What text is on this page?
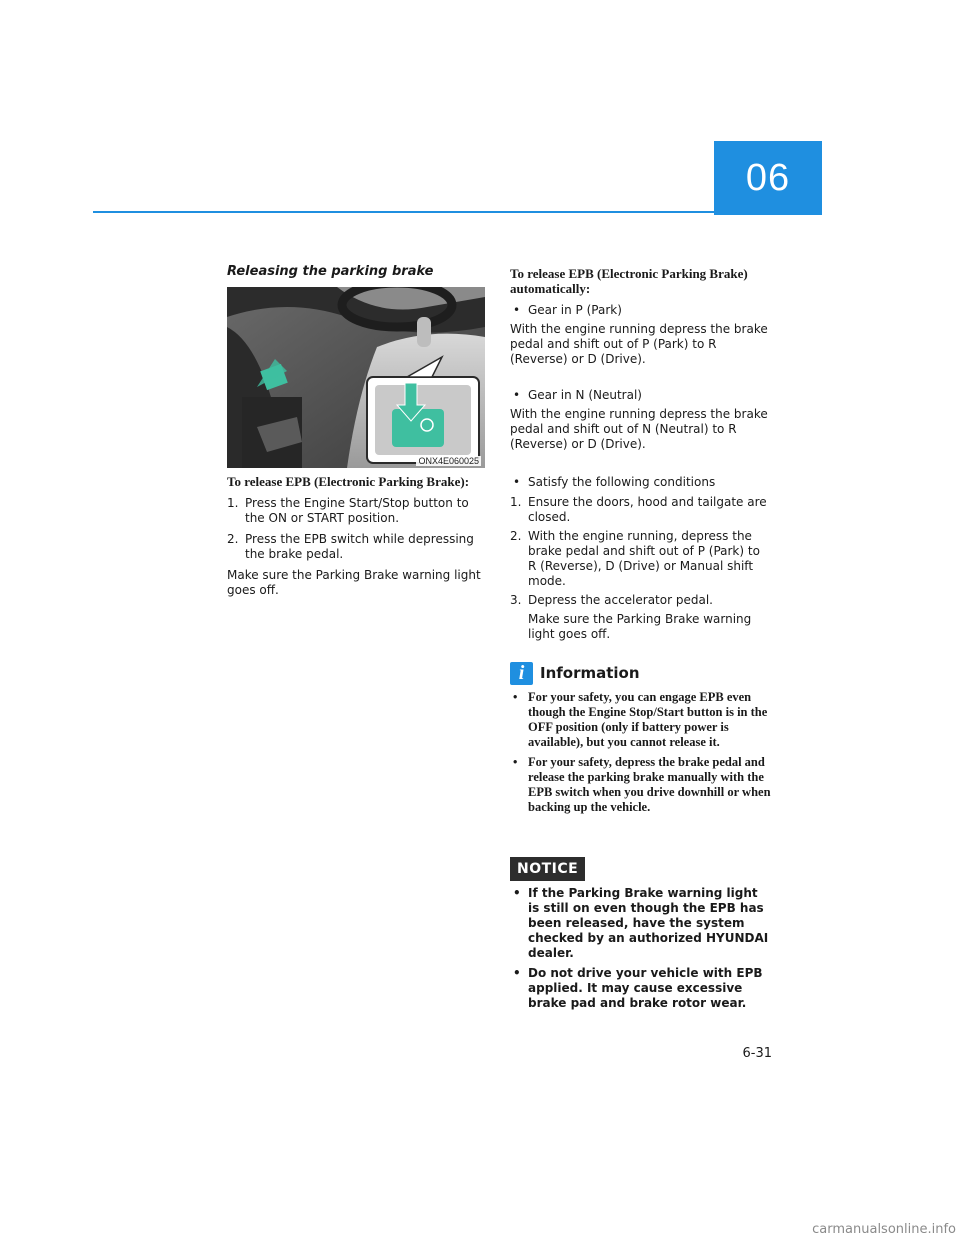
06
Releasing the parking brake
ONX4E060025

To release EPB (Electronic Parking Brake):

1. Press the Engine Start/Stop button to the ON or START position.

2. Press the EPB switch while depressing the brake pedal.

Make sure the Parking Brake warning light goes off.

To release EPB (Electronic Parking Brake) automatically:

• Gear in P (Park)

With the engine running depress the brake pedal and shift out of P (Park) to R (Reverse) or D (Drive).

• Gear in N (Neutral)

With the engine running depress the brake pedal and shift out of N (Neutral) to R (Reverse) or D (Drive).

• Satisfy the following conditions

1. Ensure the doors, hood and tailgate are closed.

2. With the engine running, depress the brake pedal and shift out of P (Park) to R (Reverse), D (Drive) or Manual shift mode.

3. Depress the accelerator pedal.

Make sure the Parking Brake warning light goes off.

i	Information

• For your safety, you can engage EPB even though the Engine Stop/Start button is in the OFF position (only if battery power is available), but you cannot release it.

• For your safety, depress the brake pedal and release the parking brake manually with the EPB switch when you drive downhill or when backing up the vehicle.

NOTICE

• If the Parking Brake warning light is still on even though the EPB has been released, have the system checked by an authorized HYUNDAI dealer.

• Do not drive your vehicle with EPB applied. It may cause excessive brake pad and brake rotor wear.

6-31
carmanualsonline.info
